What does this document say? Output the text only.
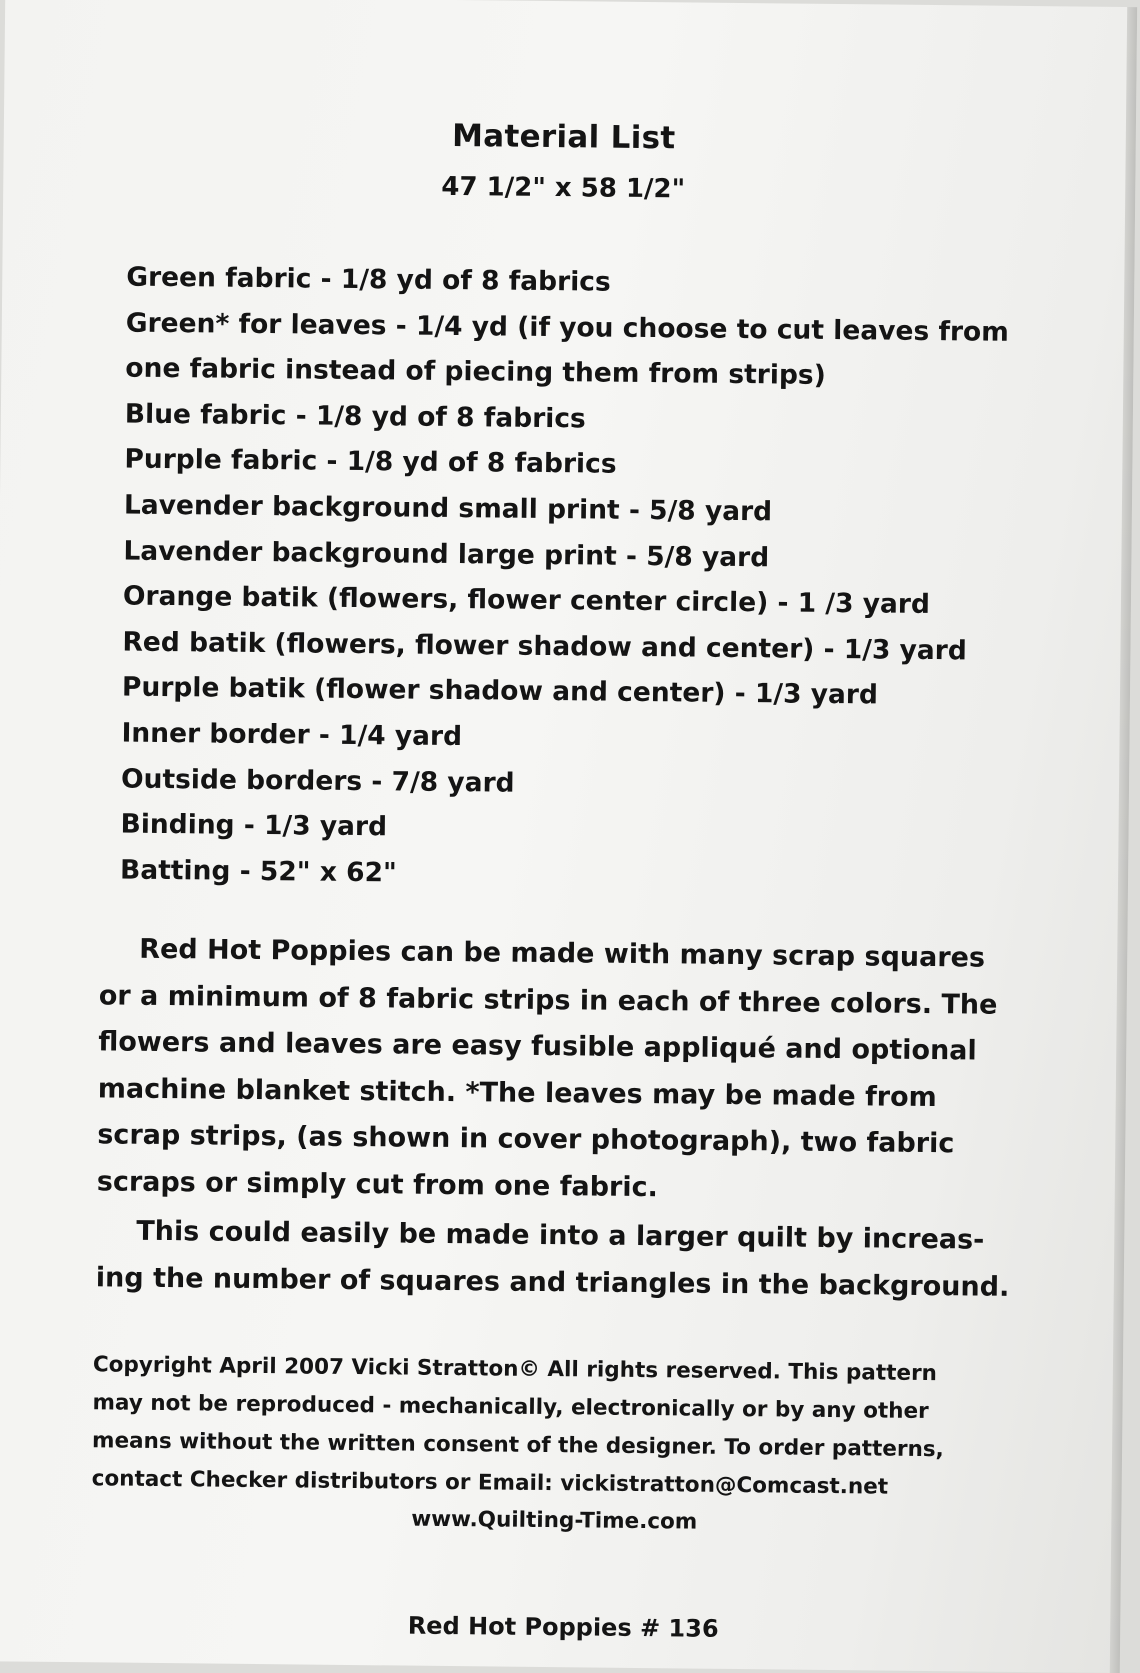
Material List
47 1/2" x 58 1/2"
Green fabric - 1/8 yd of 8 fabrics
Green* for leaves - 1/4 yd (if you choose to cut leaves from
one fabric instead of piecing them from strips)
Blue fabric - 1/8 yd of 8 fabrics
Purple fabric - 1/8 yd of 8 fabrics
Lavender background small print - 5/8 yard
Lavender background large print - 5/8 yard
Orange batik (flowers, flower center circle) - 1 /3 yard
Red batik (flowers, flower shadow and center) - 1/3 yard
Purple batik (flower shadow and center) - 1/3 yard
Inner border - 1/4 yard
Outside borders - 7/8 yard
Binding - 1/3 yard
Batting - 52" x 62"
Red Hot Poppies can be made with many scrap squares
or a minimum of 8 fabric strips in each of three colors. The
flowers and leaves are easy fusible appliqué and optional
machine blanket stitch. *The leaves may be made from
scrap strips, (as shown in cover photograph), two fabric
scraps or simply cut from one fabric.
This could easily be made into a larger quilt by increas-
ing the number of squares and triangles in the background.
Copyright April 2007 Vicki Stratton© All rights reserved. This pattern
may not be reproduced - mechanically, electronically or by any other
means without the written consent of the designer. To order patterns,
contact Checker distributors or Email: vickistratton@Comcast.net
www.Quilting-Time.com
Red Hot Poppies # 136
